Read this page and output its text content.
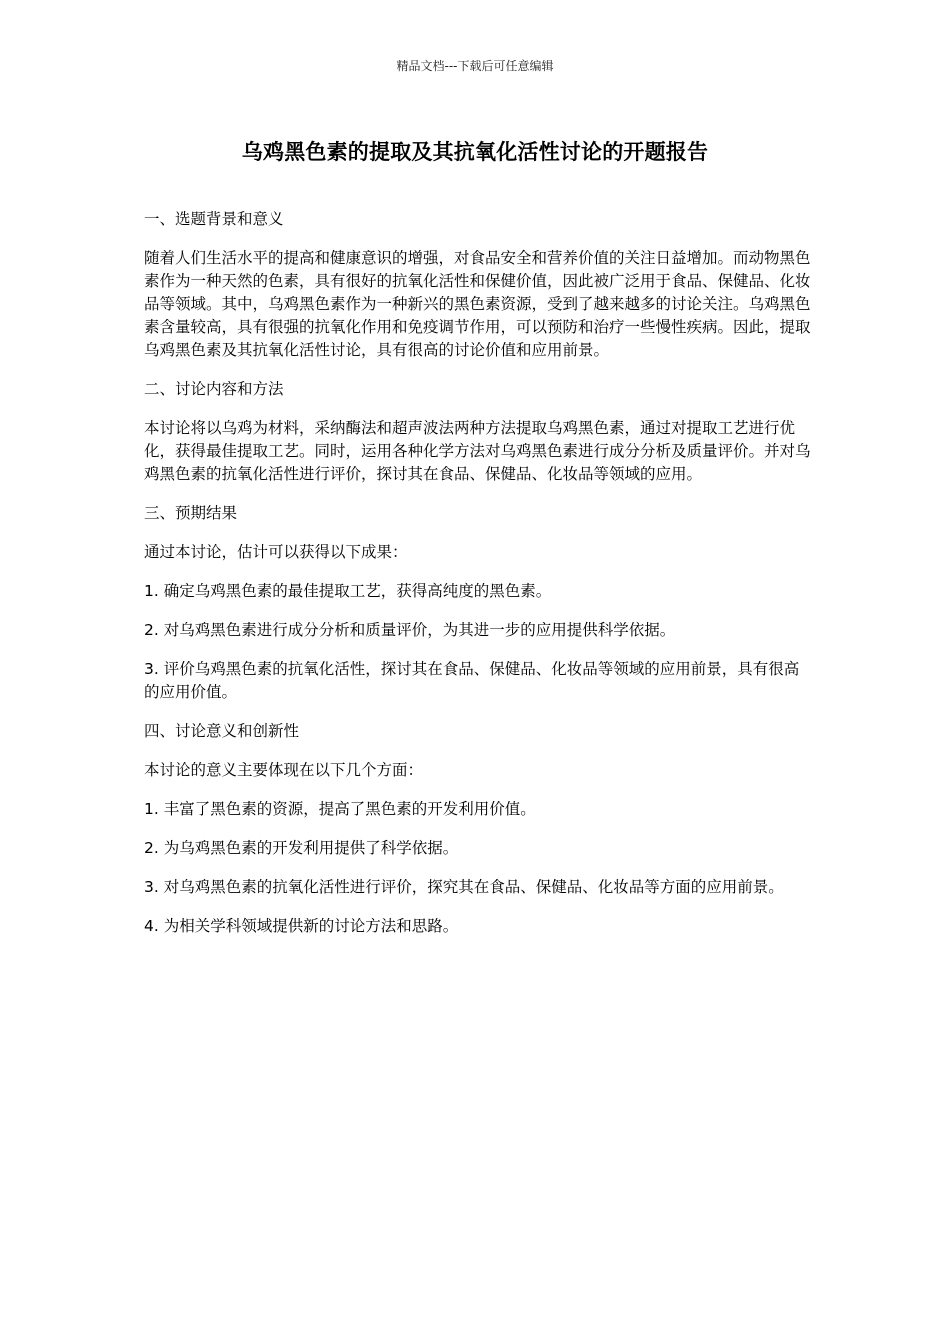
精品文档---下载后可任意编辑
乌鸡黑色素的提取及其抗氧化活性讨论的开题报告

一、选题背景和意义

随着人们生活水平的提高和健康意识的增强，对食品安全和营养价值的关注日益增加。而动物黑色素作为一种天然的色素，具有很好的抗氧化活性和保健价值，因此被广泛用于食品、保健品、化妆品等领域。其中，乌鸡黑色素作为一种新兴的黑色素资源，受到了越来越多的讨论关注。乌鸡黑色素含量较高，具有很强的抗氧化作用和免疫调节作用，可以预防和治疗一些慢性疾病。因此，提取乌鸡黑色素及其抗氧化活性讨论，具有很高的讨论价值和应用前景。

二、讨论内容和方法

本讨论将以乌鸡为材料，采纳酶法和超声波法两种方法提取乌鸡黑色素，通过对提取工艺进行优化，获得最佳提取工艺。同时，运用各种化学方法对乌鸡黑色素进行成分分析及质量评价。并对乌鸡黑色素的抗氧化活性进行评价，探讨其在食品、保健品、化妆品等领域的应用。

三、预期结果

通过本讨论，估计可以获得以下成果：

1. 确定乌鸡黑色素的最佳提取工艺，获得高纯度的黑色素。

2. 对乌鸡黑色素进行成分分析和质量评价，为其进一步的应用提供科学依据。

3. 评价乌鸡黑色素的抗氧化活性，探讨其在食品、保健品、化妆品等领域的应用前景，具有很高的应用价值。

四、讨论意义和创新性

本讨论的意义主要体现在以下几个方面：

1. 丰富了黑色素的资源，提高了黑色素的开发利用价值。

2. 为乌鸡黑色素的开发利用提供了科学依据。

3. 对乌鸡黑色素的抗氧化活性进行评价，探究其在食品、保健品、化妆品等方面的应用前景。

4. 为相关学科领域提供新的讨论方法和思路。
